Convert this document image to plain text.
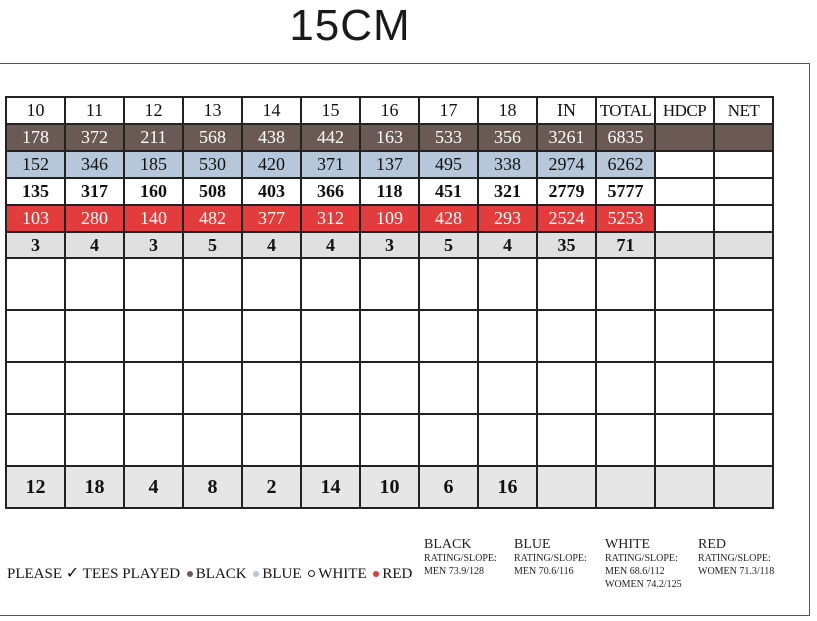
15CM
10	11	12	13	14	15	16	17	18	IN	TOTAL	HDCP	NET
178	372	211	568	438	442	163	533	356	3261	6835		
152	346	185	530	420	371	137	495	338	2974	6262		
135	317	160	508	403	366	118	451	321	2779	5777		
103	280	140	482	377	312	109	428	293	2524	5253		
3	4	3	5	4	4	3	5	4	35	71		

12	18	4	8	2	14	10	6	16				
PLEASE ✓ TEES PLAYED BLACK BLUE WHITE RED
BLACK
RATING/SLOPE:
MEN 73.9/128
BLUE
RATING/SLOPE:
MEN 70.6/116
WHITE
RATING/SLOPE:
MEN 68.6/112
WOMEN 74.2/125
RED
RATING/SLOPE:
WOMEN 71.3/118
